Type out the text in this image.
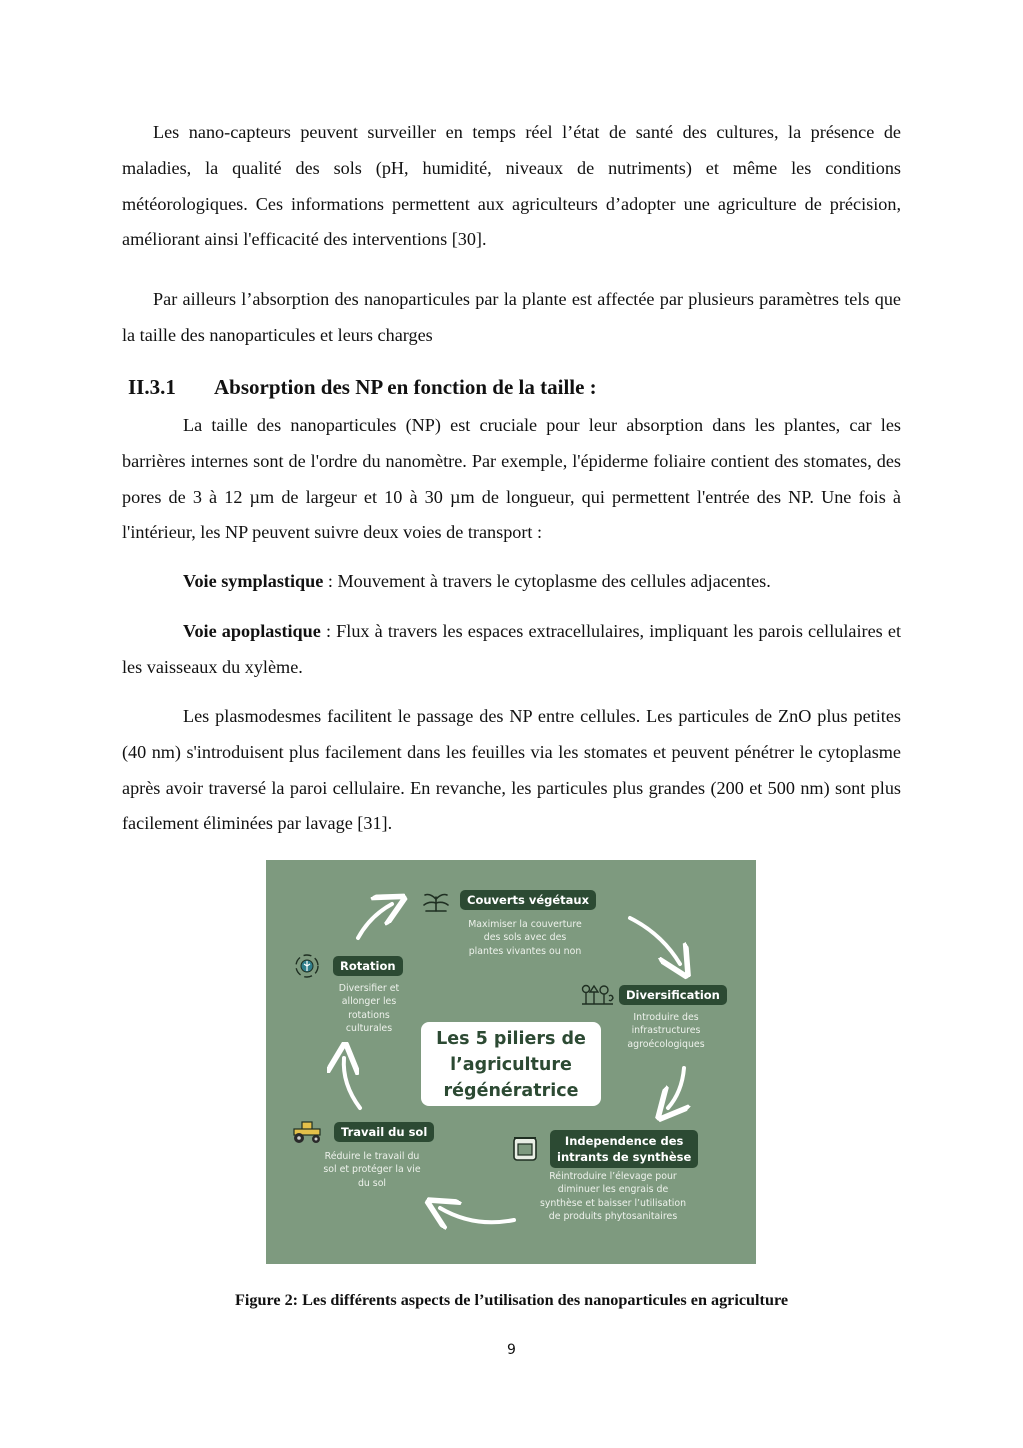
Les nano-capteurs peuvent surveiller en temps réel l’état de santé des cultures, la présence de maladies, la qualité des sols (pH, humidité, niveaux de nutriments) et même les conditions météorologiques. Ces informations permettent aux agriculteurs d’adopter une agriculture de précision, améliorant ainsi l'efficacité des interventions [30].

Par ailleurs l’absorption des nanoparticules par la plante est affectée par plusieurs paramètres tels que la taille des nanoparticules et leurs charges

II.3.1 Absorption des NP en fonction de la taille :

La taille des nanoparticules (NP) est cruciale pour leur absorption dans les plantes, car les barrières internes sont de l'ordre du nanomètre. Par exemple, l'épiderme foliaire contient des stomates, des pores de 3 à 12 µm de largeur et 10 à 30 µm de longueur, qui permettent l'entrée des NP. Une fois à l'intérieur, les NP peuvent suivre deux voies de transport :

Voie symplastique : Mouvement à travers le cytoplasme des cellules adjacentes.

Voie apoplastique : Flux à travers les espaces extracellulaires, impliquant les parois cellulaires et les vaisseaux du xylème.

Les plasmodesmes facilitent le passage des NP entre cellules. Les particules de ZnO plus petites (40 nm) s'introduisent plus facilement dans les feuilles via les stomates et peuvent pénétrer le cytoplasme après avoir traversé la paroi cellulaire. En revanche, les particules plus grandes (200 et 500 nm) sont plus facilement éliminées par lavage [31].

Couverts végétaux

Maximiser la couverture
des sols avec des
plantes vivantes ou non

Diversification

Introduire des
infrastructures
agroécologiques

Independence des
intrants de synthèse

Réintroduire l’élevage pour
diminuer les engrais de
synthèse et baisser l’utilisation
de produits phytosanitaires

Travail du sol

Réduire le travail du
sol et protéger la vie
du sol

Rotation

Diversifier et
allonger les
rotations
culturales

Les 5 piliers de
l’agriculture
régénératrice

Figure 2: Les différents aspects de l’utilisation des nanoparticules en agriculture

9
